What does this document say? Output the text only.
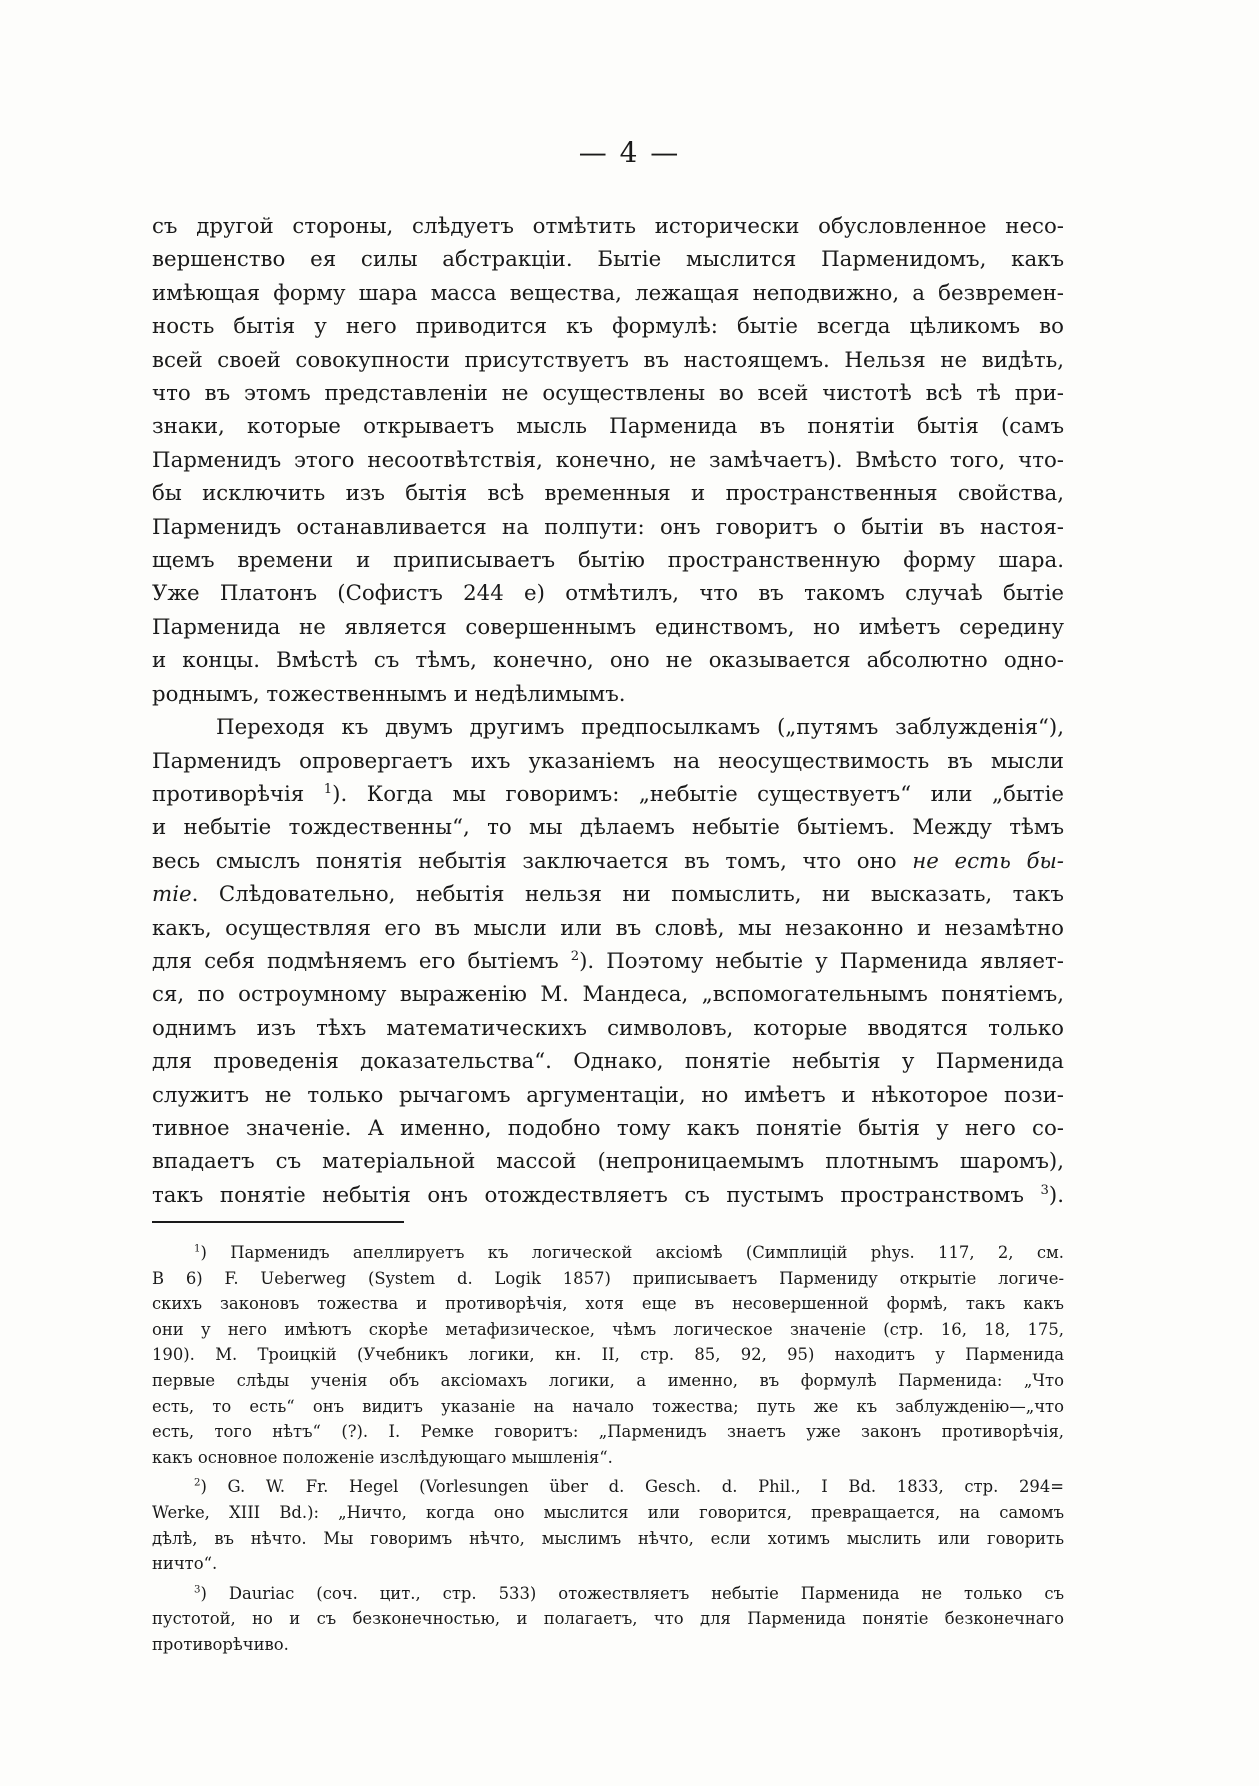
— 4 —
съ другой стороны, слѣдуетъ отмѣтить исторически обусловленное несо-
вершенство ея силы абстракціи. Бытіе мыслится Парменидомъ, какъ
имѣющая форму шара масса вещества, лежащая неподвижно, а безвремен-
ность бытія у него приводится къ формулѣ: бытіе всегда цѣликомъ во
всей своей совокупности присутствуетъ въ настоящемъ. Нельзя не видѣть,
что въ этомъ представленіи не осуществлены во всей чистотѣ всѣ тѣ при-
знаки, которые открываетъ мысль Парменида въ понятіи бытія (самъ
Парменидъ этого несоотвѣтствія, конечно, не замѣчаетъ). Вмѣсто того, что-
бы исключить изъ бытія всѣ временныя и пространственныя свойства,
Парменидъ останавливается на полпути: онъ говоритъ о бытіи въ настоя-
щемъ времени и приписываетъ бытію пространственную форму шара.
Уже Платонъ (Софистъ 244 е) отмѣтилъ, что въ такомъ случаѣ бытіе
Парменида не является совершеннымъ единствомъ, но имѣетъ середину
и концы. Вмѣстѣ съ тѣмъ, конечно, оно не оказывается абсолютно одно-
роднымъ, тожественнымъ и недѣлимымъ.
Переходя къ двумъ другимъ предпосылкамъ („путямъ заблужденія“),
Парменидъ опровергаетъ ихъ указаніемъ на неосуществимость въ мысли
противорѣчія $^1$). Когда мы говоримъ: „небытіе существуетъ“ или „бытіе
и небытіе тождественны“, то мы дѣлаемъ небытіе бытіемъ. Между тѣмъ
весь смыслъ понятія небытія заключается въ томъ, что оно не есть бы-
тіе. Слѣдовательно, небытія нельзя ни помыслить, ни высказать, такъ
какъ, осуществляя его въ мысли или въ словѣ, мы незаконно и незамѣтно
для себя подмѣняемъ его бытіемъ $^2$). Поэтому небытіе у Парменида являет-
ся, по остроумному выраженію М. Мандеса, „вспомогательнымъ понятіемъ,
однимъ изъ тѣхъ математическихъ символовъ, которые вводятся только
для проведенія доказательства“. Однако, понятіе небытія у Парменида
служитъ не только рычагомъ аргументаціи, но имѣетъ и нѣкоторое пози-
тивное значеніе. А именно, подобно тому какъ понятіе бытія у него со-
впадаетъ съ матеріальной массой (непроницаемымъ плотнымъ шаромъ),
такъ понятіе небытія онъ отождествляетъ съ пустымъ пространствомъ $^3$).
$^1$) Парменидъ апеллируетъ къ логической аксіомѣ (Симплицій phys. 117, 2, см.
В 6) F. Ueberweg (System d. Logik 1857) приписываетъ Пармениду открытіе логиче-
скихъ законовъ тожества и противорѣчія, хотя еще въ несовершенной формѣ, такъ какъ
они у него имѣютъ скорѣе метафизическое, чѣмъ логическое значеніе (стр. 16, 18, 175,
190). М. Троицкій (Учебникъ логики, кн. II, стр. 85, 92, 95) находитъ у Парменида
первые слѣды ученія объ аксіомахъ логики, а именно, въ формулѣ Парменида: „Что
есть, то есть“ онъ видитъ указаніе на начало тожества; путь же къ заблужденію—„что
есть, того нѣтъ“ (?). I. Ремке говоритъ: „Парменидъ знаетъ уже законъ противорѣчія,
какъ основное положеніе изслѣдующаго мышленія“.
$^2$) G. W. Fr. Hegel (Vorlesungen über d. Gesch. d. Phil., I Bd. 1833, стр. 294=
Werke, XIII Bd.): „Ничто, когда оно мыслится или говорится, превращается, на самомъ
дѣлѣ, въ нѣчто. Мы говоримъ нѣчто, мыслимъ нѣчто, если хотимъ мыслить или говорить
ничто“.
$^3$) Dauriac (соч. цит., стр. 533) отожествляетъ небытіе Парменида не только съ
пустотой, но и съ безконечностью, и полагаетъ, что для Парменида понятіе безконечнаго
противорѣчиво.
